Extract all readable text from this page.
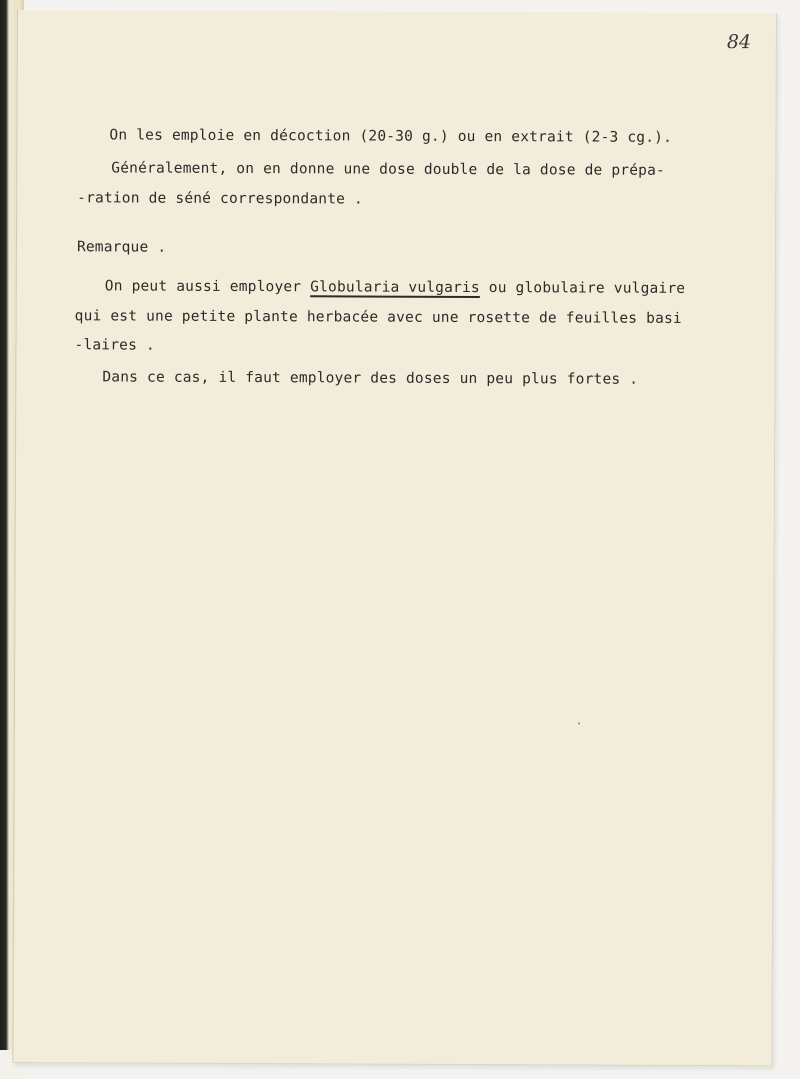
84
On les emploie en décoction (20-30 g.) ou en extrait (2-3 cg.).
Généralement, on en donne une dose double de la dose de prépa-
-ration de séné correspondante .
Remarque .
On peut aussi employer Globularia vulgaris ou globulaire vulgaire
qui est une petite plante herbacée avec une rosette de feuilles basi
-laires .
Dans ce cas, il faut employer des doses un peu plus fortes .
